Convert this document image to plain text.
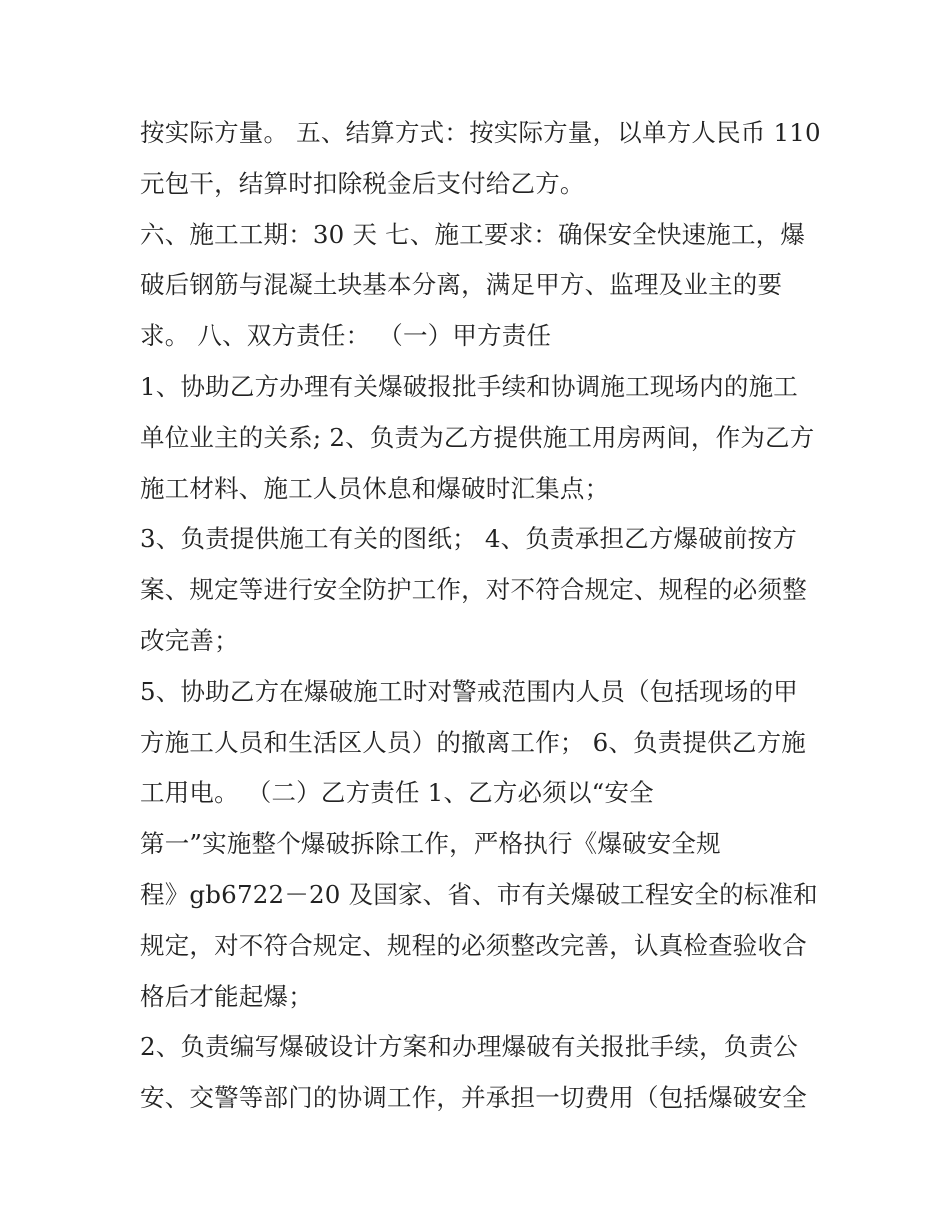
按实际方量。 五、结算方式：按实际方量，以单方人民币 110
元包干，结算时扣除税金后支付给乙方。
六、施工工期：30 天 七、施工要求：确保安全快速施工，爆
破后钢筋与混凝土块基本分离，满足甲方、监理及业主的要
求。 八、双方责任： （一）甲方责任
1、协助乙方办理有关爆破报批手续和协调施工现场内的施工
单位业主的关系; 2、负责为乙方提供施工用房两间，作为乙方
施工材料、施工人员休息和爆破时汇集点；
3、负责提供施工有关的图纸； 4、负责承担乙方爆破前按方
案、规定等进行安全防护工作，对不符合规定、规程的必须整
改完善；
5、协助乙方在爆破施工时对警戒范围内人员（包括现场的甲
方施工人员和生活区人员）的撤离工作； 6、负责提供乙方施
工用电。 （二）乙方责任 1、乙方必须以“安全
第一”实施整个爆破拆除工作，严格执行《爆破安全规
程》gb6722－20 及国家、省、市有关爆破工程安全的标准和
规定，对不符合规定、规程的必须整改完善，认真检查验收合
格后才能起爆；
2、负责编写爆破设计方案和办理爆破有关报批手续，负责公
安、交警等部门的协调工作，并承担一切费用（包括爆破安全
